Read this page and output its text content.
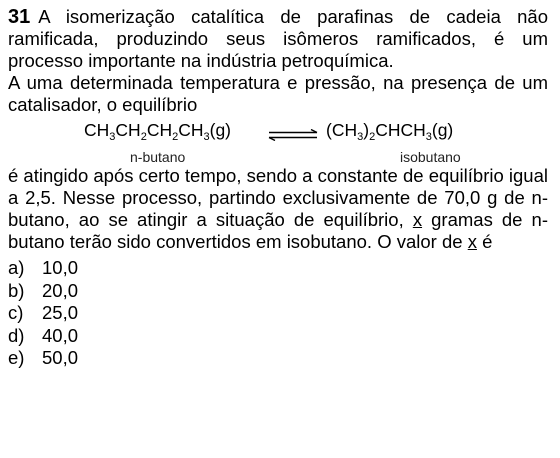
31 A isomerização catalítica de parafinas de cadeia não ramificada, produzindo seus isômeros ramificados, é um processo importante na indústria petroquímica.

A uma determinada temperatura e pressão, na presença de um catalisador, o equilíbrio

$CH_3CH_2CH_2CH_3(g)$ ⇌ $(CH_3)_2CHCH_3(g)$
n-butano	isobutano

é atingido após certo tempo, sendo a constante de equilíbrio igual a 2,5. Nesse processo, partindo exclusivamente de 70,0 g de n-butano, ao se atingir a situação de equilíbrio, x gramas de n-butano terão sido convertidos em isobutano. O valor de x é

a) 10,0
b) 20,0
c)	25,0
d) 40,0
e) 50,0
